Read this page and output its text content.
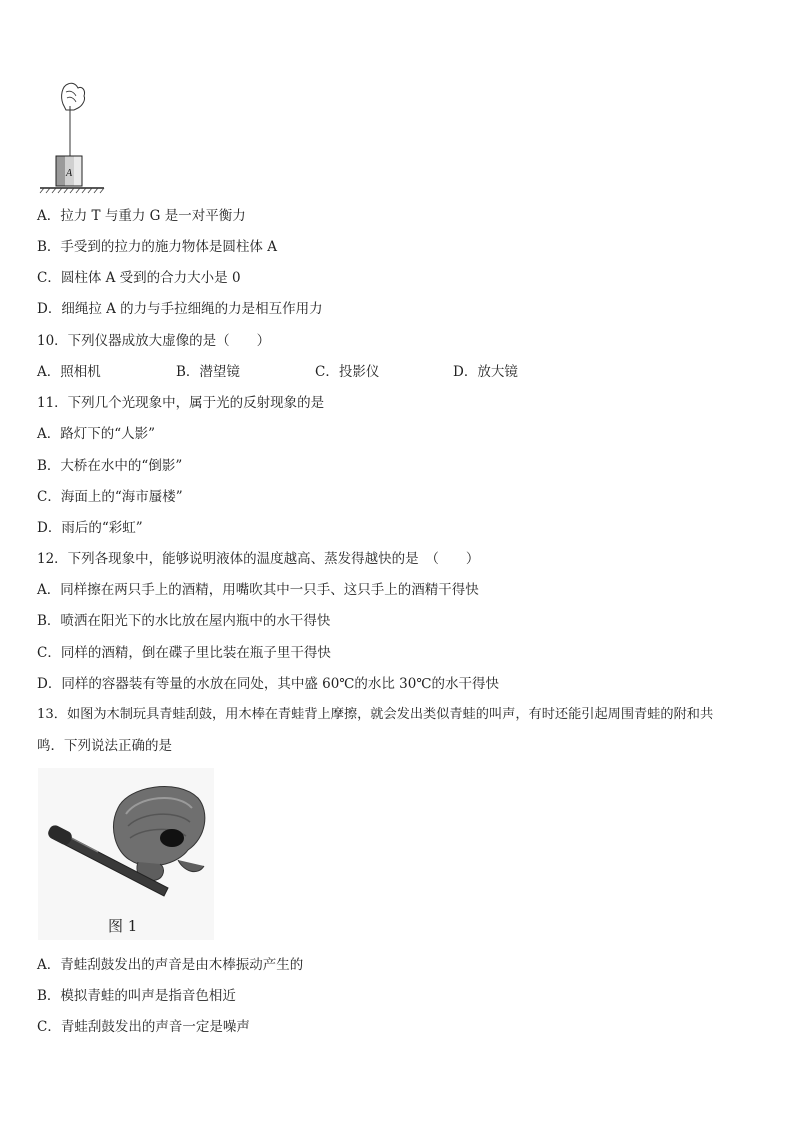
A
A．拉力 T 与重力 G 是一对平衡力
B．手受到的拉力的施力物体是圆柱体 A
C．圆柱体 A 受到的合力大小是 0
D．细绳拉 A 的力与手拉细绳的力是相互作用力
10．下列仪器成放大虚像的是（　　）
A．照相机	B．潜望镜	C．投影仪	D．放大镜
11．下列几个光现象中，属于光的反射现象的是
A．路灯下的“人影”
B．大桥在水中的“倒影”
C．海面上的“海市蜃楼”
D．雨后的“彩虹”
12．下列各现象中，能够说明液体的温度越高、蒸发得越快的是　（　　）
A．同样擦在两只手上的酒精，用嘴吹其中一只手、这只手上的酒精干得快
B．喷洒在阳光下的水比放在屋内瓶中的水干得快
C．同样的酒精，倒在碟子里比装在瓶子里干得快
D．同样的容器装有等量的水放在同处，其中盛 60℃的水比 30℃的水干得快
13．如图为木制玩具青蛙刮鼓，用木棒在青蛙背上摩擦，就会发出类似青蛙的叫声，有时还能引起周围青蛙的附和共
鸣．下列说法正确的是
图 1
A．青蛙刮鼓发出的声音是由木棒振动产生的
B．模拟青蛙的叫声是指音色相近
C．青蛙刮鼓发出的声音一定是噪声
